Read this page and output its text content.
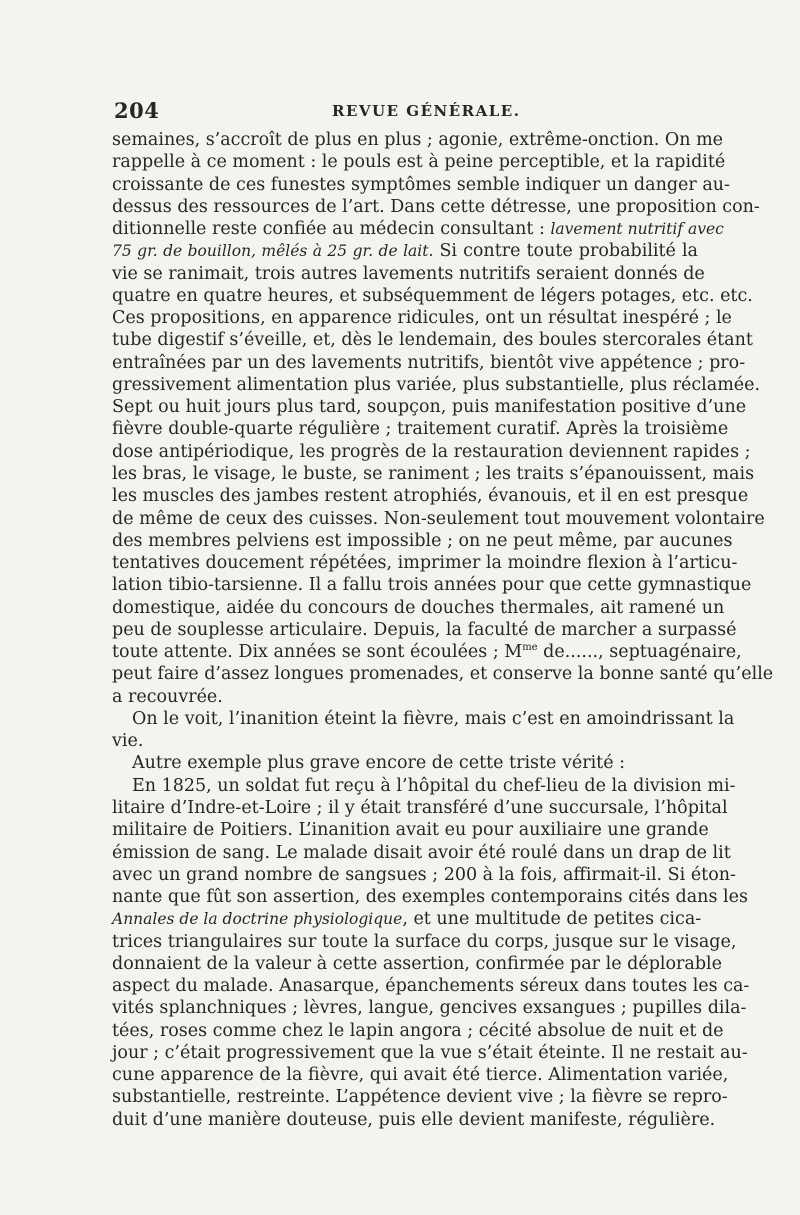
204	REVUE GÉNÉRALE.
semaines, s’accroît de plus en plus ; agonie, extrême-onction. On me
rappelle à ce moment : le pouls est à peine perceptible, et la rapidité
croissante de ces funestes symptômes semble indiquer un danger au-
dessus des ressources de l’art. Dans cette détresse, une proposition con-
ditionnelle reste confiée au médecin consultant : lavement nutritif avec
75 gr. de bouillon, mêlés à 25 gr. de lait. Si contre toute probabilité la
vie se ranimait, trois autres lavements nutritifs seraient donnés de
quatre en quatre heures, et subséquemment de légers potages, etc. etc.
Ces propositions, en apparence ridicules, ont un résultat inespéré ; le
tube digestif s’éveille, et, dès le lendemain, des boules stercorales étant
entraînées par un des lavements nutritifs, bientôt vive appétence ; pro-
gressivement alimentation plus variée, plus substantielle, plus réclamée.
Sept ou huit jours plus tard, soupçon, puis manifestation positive d’une
fièvre double-quarte régulière ; traitement curatif. Après la troisième
dose antipériodique, les progrès de la restauration deviennent rapides ;
les bras, le visage, le buste, se raniment ; les traits s’épanouissent, mais
les muscles des jambes restent atrophiés, évanouis, et il en est presque
de même de ceux des cuisses. Non-seulement tout mouvement volontaire
des membres pelviens est impossible ; on ne peut même, par aucunes
tentatives doucement répétées, imprimer la moindre flexion à l’articu-
lation tibio-tarsienne. Il a fallu trois années pour que cette gymnastique
domestique, aidée du concours de douches thermales, ait ramené un
peu de souplesse articulaire. Depuis, la faculté de marcher a surpassé
toute attente. Dix années se sont écoulées ; $M^{me}$ de......, septuagénaire,
peut faire d’assez longues promenades, et conserve la bonne santé qu’elle
a recouvrée.
On le voit, l’inanition éteint la fièvre, mais c’est en amoindrissant la
vie.
Autre exemple plus grave encore de cette triste vérité :
En 1825, un soldat fut reçu à l’hôpital du chef-lieu de la division mi-
litaire d’Indre-et-Loire ; il y était transféré d’une succursale, l’hôpital
militaire de Poitiers. L’inanition avait eu pour auxiliaire une grande
émission de sang. Le malade disait avoir été roulé dans un drap de lit
avec un grand nombre de sangsues ; 200 à la fois, affirmait-il. Si éton-
nante que fût son assertion, des exemples contemporains cités dans les
Annales de la doctrine physiologique, et une multitude de petites cica-
trices triangulaires sur toute la surface du corps, jusque sur le visage,
donnaient de la valeur à cette assertion, confirmée par le déplorable
aspect du malade. Anasarque, épanchements séreux dans toutes les ca-
vités splanchniques ; lèvres, langue, gencives exsangues ; pupilles dila-
tées, roses comme chez le lapin angora ; cécité absolue de nuit et de
jour ; c’était progressivement que la vue s’était éteinte. Il ne restait au-
cune apparence de la fièvre, qui avait été tierce. Alimentation variée,
substantielle, restreinte. L’appétence devient vive ; la fièvre se repro-
duit d’une manière douteuse, puis elle devient manifeste, régulière.
